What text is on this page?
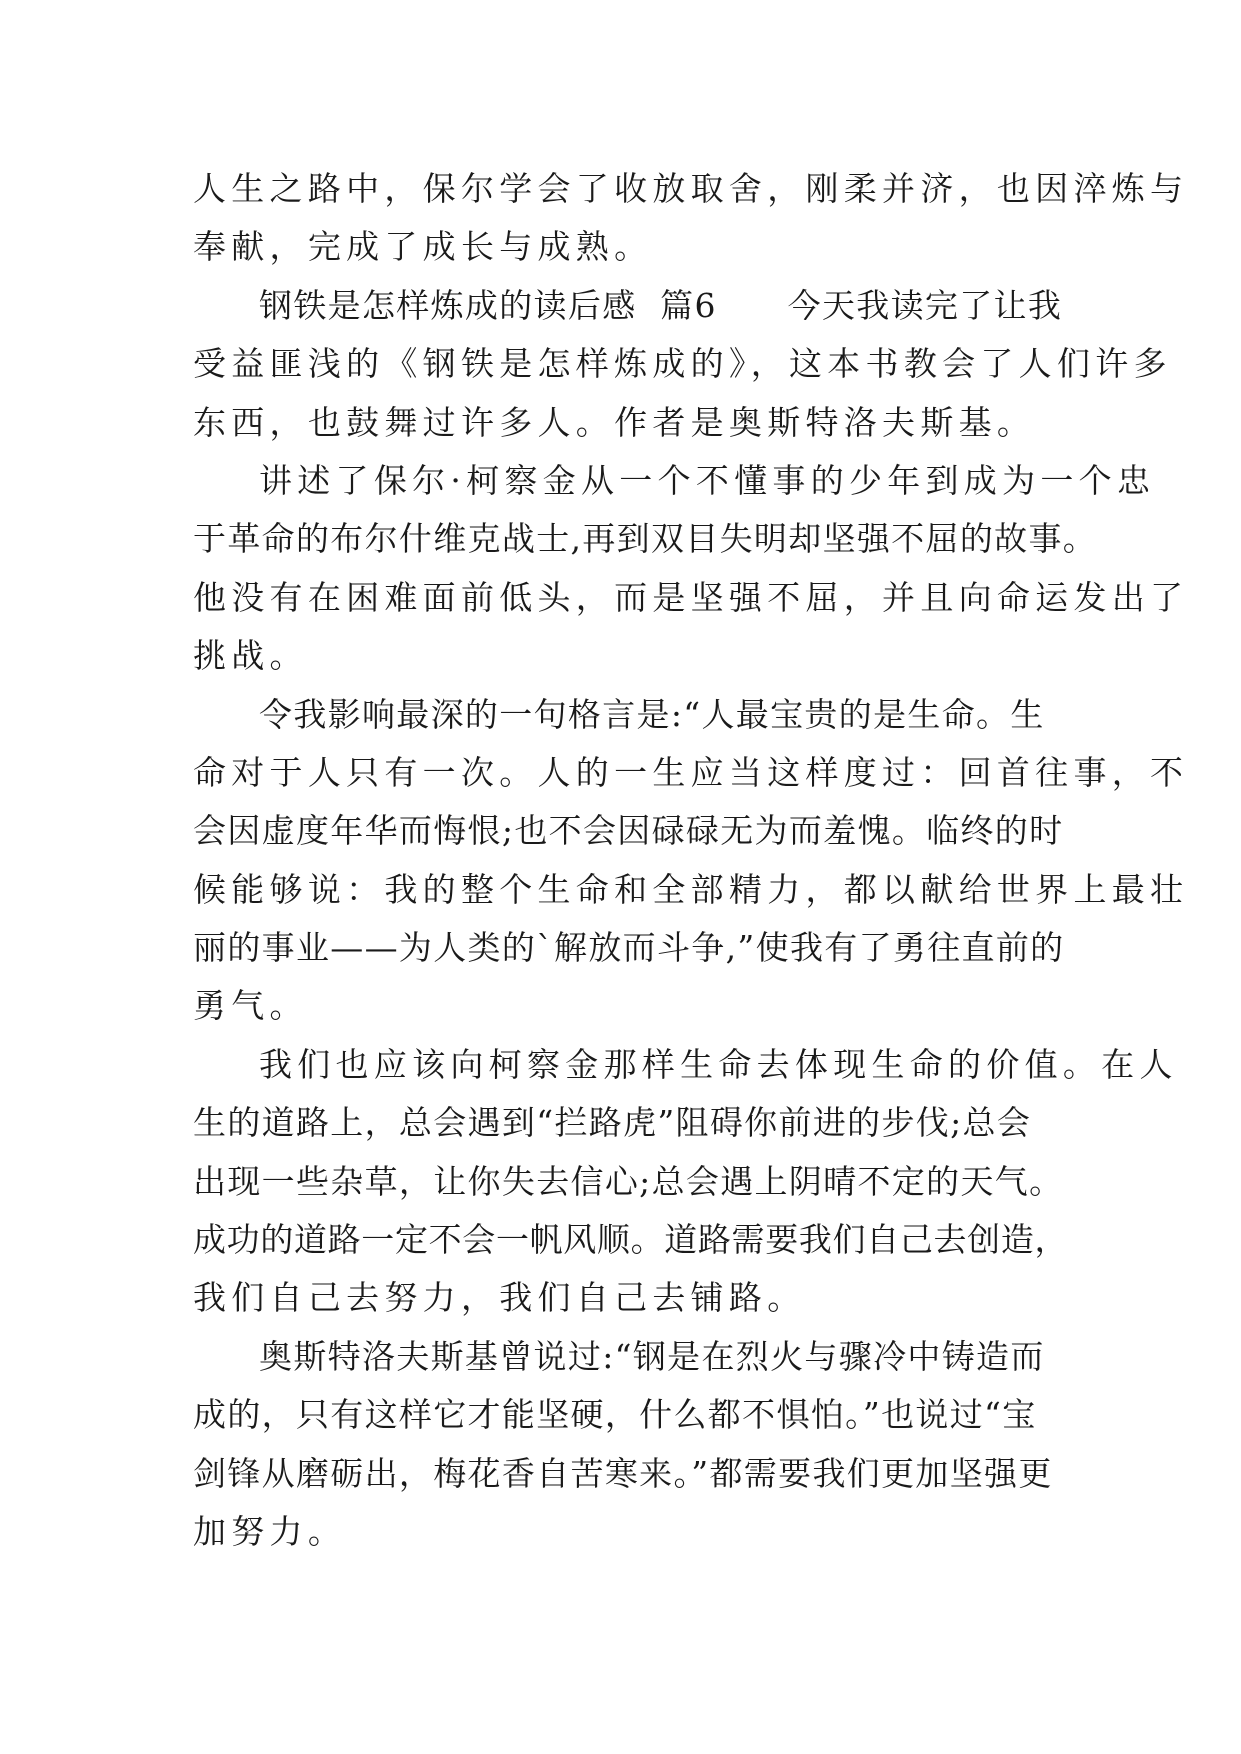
人生之路中，保尔学会了收放取舍，刚柔并济，也因淬炼与
奉献，完成了成长与成熟。
钢铁是怎样炼成的读后感  篇6      今天我读完了让我
受益匪浅的《钢铁是怎样炼成的》，这本书教会了人们许多
东西，也鼓舞过许多人。作者是奥斯特洛夫斯基。
讲述了保尔·柯察金从一个不懂事的少年到成为一个忠
于革命的布尔什维克战士,再到双目失明却坚强不屈的故事。
他没有在困难面前低头，而是坚强不屈，并且向命运发出了
挑战。
令我影响最深的一句格言是:“人最宝贵的是生命。生
命对于人只有一次。人的一生应当这样度过：回首往事，不
会因虚度年华而悔恨;也不会因碌碌无为而羞愧。临终的时
候能够说：我的整个生命和全部精力，都以献给世界上最壮
丽的事业——为人类的`解放而斗争,”使我有了勇往直前的
勇气。
我们也应该向柯察金那样生命去体现生命的价值。在人
生的道路上，总会遇到“拦路虎”阻碍你前进的步伐;总会
出现一些杂草，让你失去信心;总会遇上阴晴不定的天气。
成功的道路一定不会一帆风顺。道路需要我们自己去创造，
我们自己去努力，我们自己去铺路。
奥斯特洛夫斯基曾说过:“钢是在烈火与骤冷中铸造而
成的，只有这样它才能坚硬，什么都不惧怕。”也说过“宝
剑锋从磨砺出，梅花香自苦寒来。”都需要我们更加坚强更
加努力。
